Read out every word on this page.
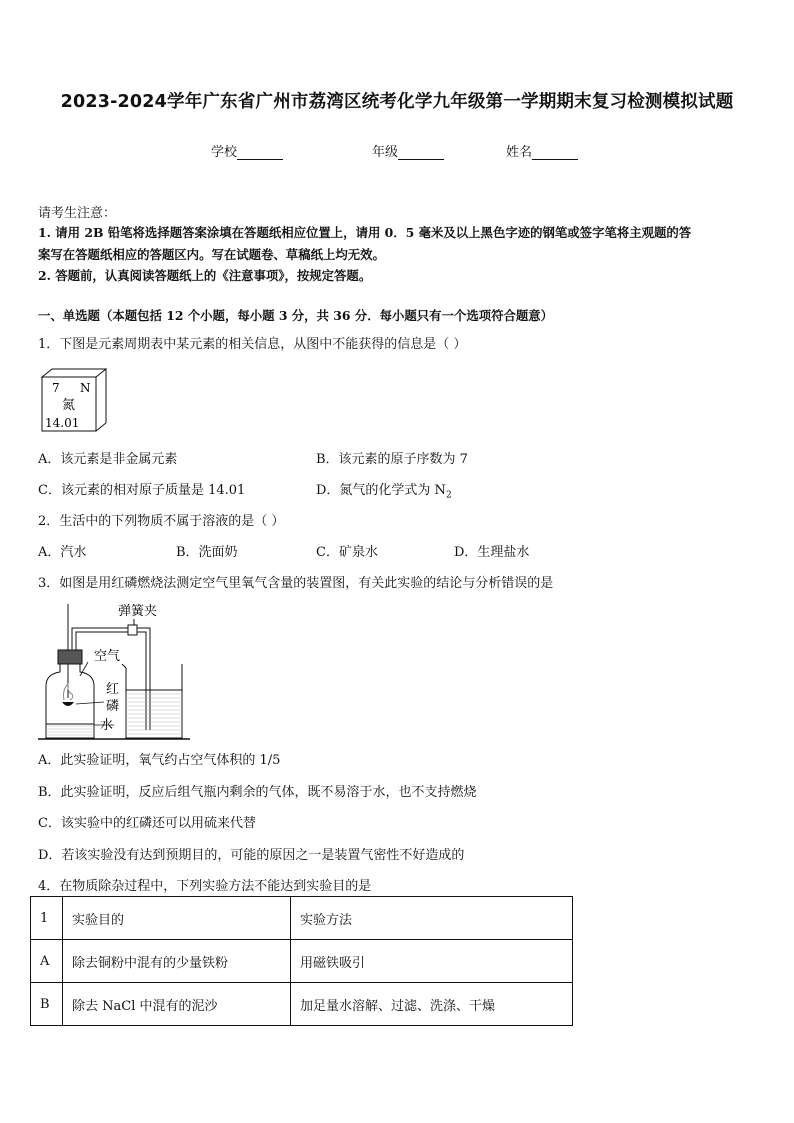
2023-2024学年广东省广州市荔湾区统考化学九年级第一学期期末复习检测模拟试题
学校	年级	姓名
请考生注意：
1. 请用 2B 铅笔将选择题答案涂填在答题纸相应位置上，请用 0．5 毫米及以上黑色字迹的钢笔或签字笔将主观题的答
案写在答题纸相应的答题区内。写在试题卷、草稿纸上均无效。
2. 答题前，认真阅读答题纸上的《注意事项》，按规定答题。
一、单选题（本题包括 12 个小题，每小题 3 分，共 36 分．每小题只有一个选项符合题意）
1．下图是元素周期表中某元素的相关信息，从图中不能获得的信息是（ ）
7 N
氮
14.01
A．该元素是非金属元素	B．该元素的原子序数为 7
C．该元素的相对原子质量是 14.01	D．氮气的化学式为 $N_2$
2．生活中的下列物质不属于溶液的是（ ）
A．汽水	B．洗面奶	C．矿泉水	D．生理盐水
3．如图是用红磷燃烧法测定空气里氧气含量的装置图，有关此实验的结论与分析错误的是
弹簧夹
空气
红
磷
水
A．此实验证明，氧气约占空气体积的 1/5
B．此实验证明，反应后组气瓶内剩余的气体，既不易溶于水，也不支持燃烧
C．该实验中的红磷还可以用硫来代替
D．若该实验没有达到预期目的，可能的原因之一是装置气密性不好造成的
4．在物质除杂过程中，下列实验方法不能达到实验目的是
1	实验目的	实验方法
A	除去铜粉中混有的少量铁粉	用磁铁吸引
B	除去 NaCl 中混有的泥沙	加足量水溶解、过滤、洗涤、干燥
